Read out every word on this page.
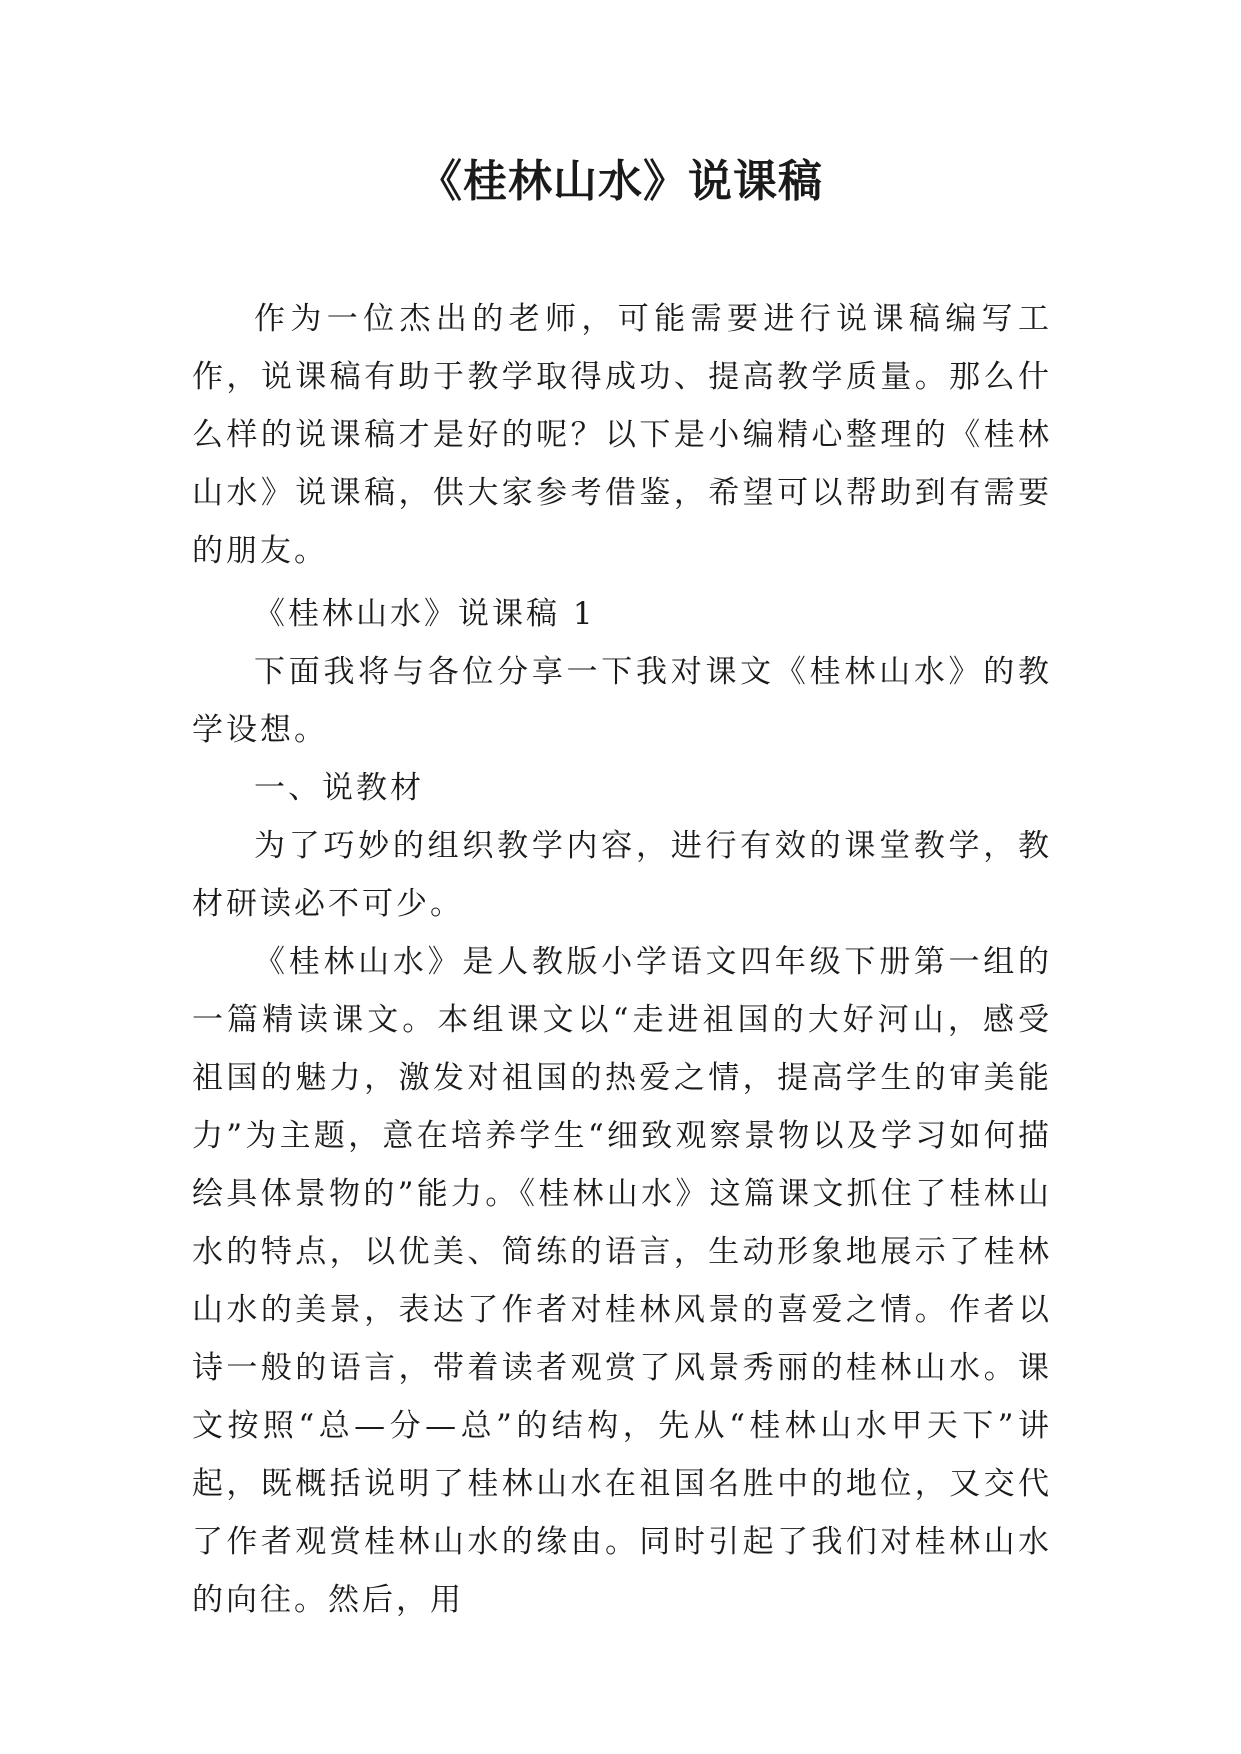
《桂林山水》说课稿

作为一位杰出的老师，可能需要进行说课稿编写工作，说课稿有助于教学取得成功、提高教学质量。那么什么样的说课稿才是好的呢？以下是小编精心整理的《桂林山水》说课稿，供大家参考借鉴，希望可以帮助到有需要的朋友。

《桂林山水》说课稿 1

下面我将与各位分享一下我对课文《桂林山水》的教学设想。

一、说教材

为了巧妙的组织教学内容，进行有效的课堂教学，教材研读必不可少。

《桂林山水》是人教版小学语文四年级下册第一组的一篇精读课文。本组课文以“走进祖国的大好河山，感受祖国的魅力，激发对祖国的热爱之情，提高学生的审美能力”为主题，意在培养学生“细致观察景物以及学习如何描绘具体景物的”能力。《桂林山水》这篇课文抓住了桂林山水的特点，以优美、简练的语言，生动形象地展示了桂林山水的美景，表达了作者对桂林风景的喜爱之情。作者以诗一般的语言，带着读者观赏了风景秀丽的桂林山水。课文按照“总—分—总”的结构，先从“桂林山水甲天下”讲起，既概括说明了桂林山水在祖国名胜中的地位，又交代了作者观赏桂林山水的缘由。同时引起了我们对桂林山水的向往。然后，用
